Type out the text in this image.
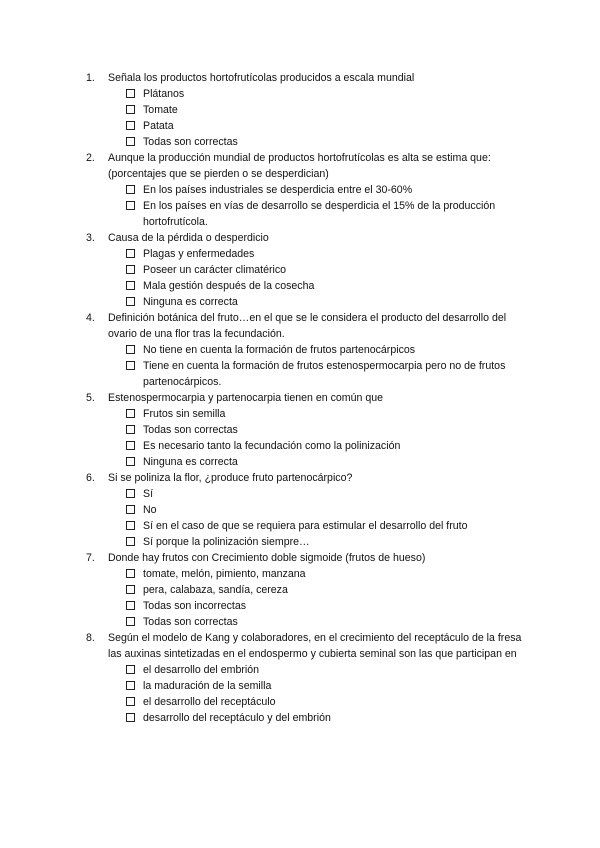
1.	Señala los productos hortofrutícolas producidos a escala mundial

Plátanos
Tomate
Patata
Todas son correctas
2.	Aunque la producción mundial de productos hortofrutícolas es alta se estima que: (porcentajes que se pierden o se desperdician)

En los países industriales se desperdicia entre el 30-60%
En los países en vías de desarrollo se desperdicia el 15% de la producción hortofrutícola.
3.	Causa de la pérdida o desperdicio

Plagas y enfermedades
Poseer un carácter climatérico
Mala gestión después de la cosecha
Ninguna es correcta
4.	Definición botánica del fruto…en el que se le considera el producto del desarrollo del ovario de una flor tras la fecundación.

No tiene en cuenta la formación de frutos partenocárpicos
Tiene en cuenta la formación de frutos estenospermocarpia pero no de frutos partenocárpicos.
5.	Estenospermocarpia y partenocarpia tienen en común que

Frutos sin semilla
Todas son correctas
Es necesario tanto la fecundación como la polinización
Ninguna es correcta
6.	Si se poliniza la flor, ¿produce fruto partenocárpico?

Sí
No
Sí en el caso de que se requiera para estimular el desarrollo del fruto
Sí porque la polinización siempre…
7.	Donde hay frutos con Crecimiento doble sigmoide (frutos de hueso)

tomate, melón, pimiento, manzana
pera, calabaza, sandía, cereza
Todas son incorrectas
Todas son correctas
8.	Según el modelo de Kang y colaboradores, en el crecimiento del receptáculo de la fresa las auxinas sintetizadas en el endospermo y cubierta seminal son las que participan en

el desarrollo del embrión
la maduración de la semilla
el desarrollo del receptáculo
desarrollo del receptáculo y del embrión
